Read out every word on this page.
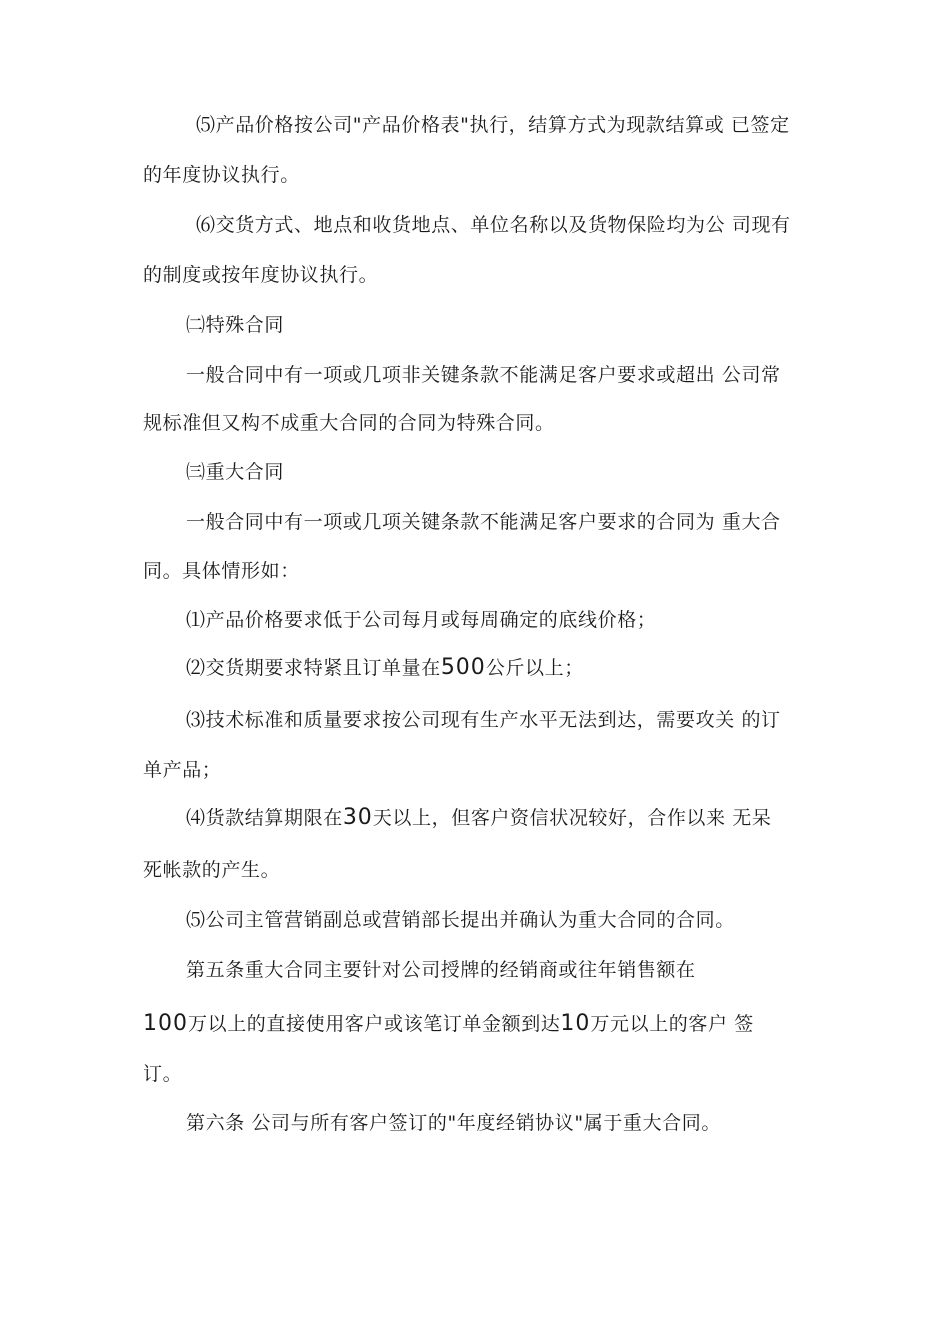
⑸产品价格按公司"产品价格表"执行，结算方式为现款结算或 已签定
的年度协议执行。
⑹交货方式、地点和收货地点、单位名称以及货物保险均为公 司现有
的制度或按年度协议执行。
㈡特殊合同
一般合同中有一项或几项非关键条款不能满足客户要求或超出 公司常
规标准但又构不成重大合同的合同为特殊合同。
㈢重大合同
一般合同中有一项或几项关键条款不能满足客户要求的合同为 重大合
同。具体情形如：
⑴产品价格要求低于公司每月或每周确定的底线价格；
⑵交货期要求特紧且订单量在500公斤以上；
⑶技术标准和质量要求按公司现有生产水平无法到达，需要攻关 的订
单产品；
⑷货款结算期限在30天以上，但客户资信状况较好，合作以来 无呆
死帐款的产生。
⑸公司主管营销副总或营销部长提出并确认为重大合同的合同。
第五条重大合同主要针对公司授牌的经销商或往年销售额在
100万以上的直接使用客户或该笔订单金额到达10万元以上的客户 签
订。
第六条 公司与所有客户签订的"年度经销协议"属于重大合同。
